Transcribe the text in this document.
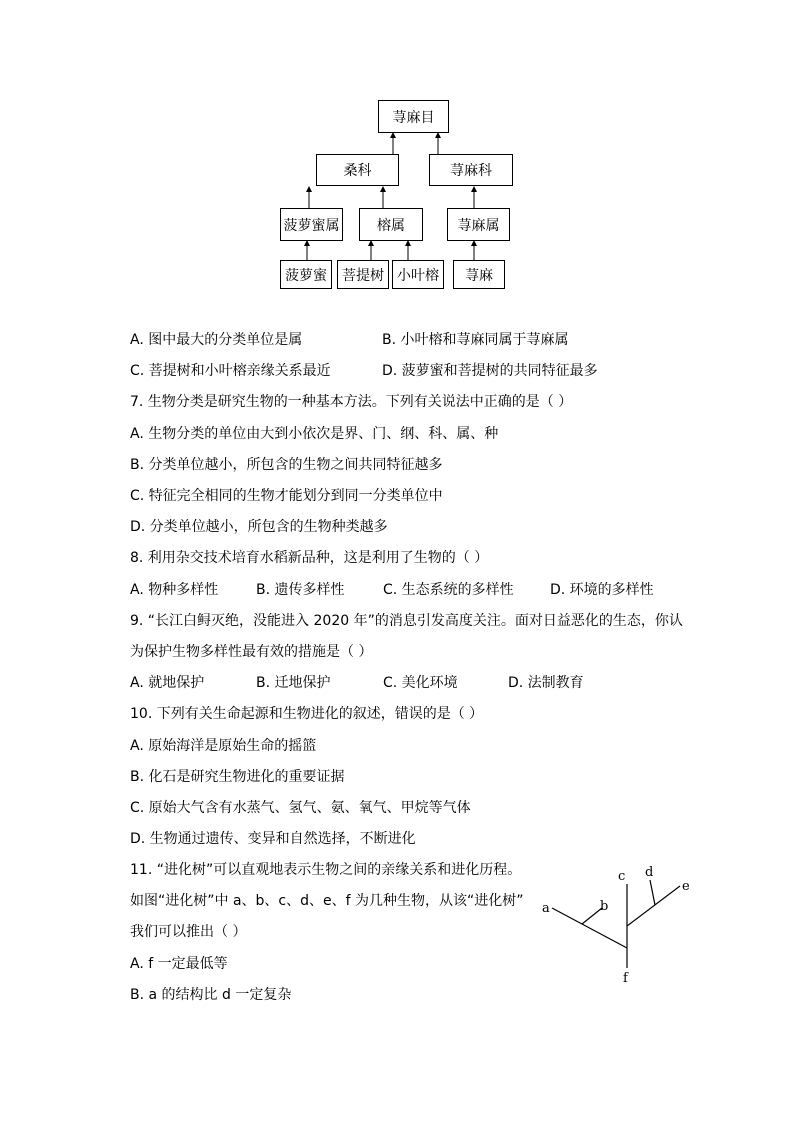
荨麻目
桑科	荨麻科
菠萝蜜属	榕属	荨麻属
菠萝蜜	菩提树 小叶榕	荨麻
A. 图中最大的分类单位是属	B. 小叶榕和荨麻同属于荨麻属
C. 菩提树和小叶榕亲缘关系最近	D. 菠萝蜜和菩提树的共同特征最多
7. 生物分类是研究生物的一种基本方法。下列有关说法中正确的是（ ）
A. 生物分类的单位由大到小依次是界、门、纲、科、属、种
B. 分类单位越小，所包含的生物之间共同特征越多
C. 特征完全相同的生物才能划分到同一分类单位中
D. 分类单位越小，所包含的生物种类越多
8. 利用杂交技术培育水稻新品种，这是利用了生物的（ ）
A. 物种多样性	B. 遗传多样性	C. 生态系统的多样性	D. 环境的多样性
9. “长江白鲟灭绝，没能进入 2020 年”的消息引发高度关注。面对日益恶化的生态，你认
为保护生物多样性最有效的措施是（ ）
A. 就地保护	B. 迁地保护	C. 美化环境	D. 法制教育
10. 下列有关生命起源和生物进化的叙述，错误的是（ ）
A. 原始海洋是原始生命的摇篮
B. 化石是研究生物进化的重要证据
C. 原始大气含有水蒸气、氢气、氨、氧气、甲烷等气体
D. 生物通过遗传、变异和自然选择，不断进化
11. “进化树”可以直观地表示生物之间的亲缘关系和进化历程。
如图“进化树”中 a、b、c、d、e、f 为几种生物，从该“进化树”
我们可以推出（ ）
A. f 一定最低等
B. a 的结构比 d 一定复杂
c d
e
a	b
f
